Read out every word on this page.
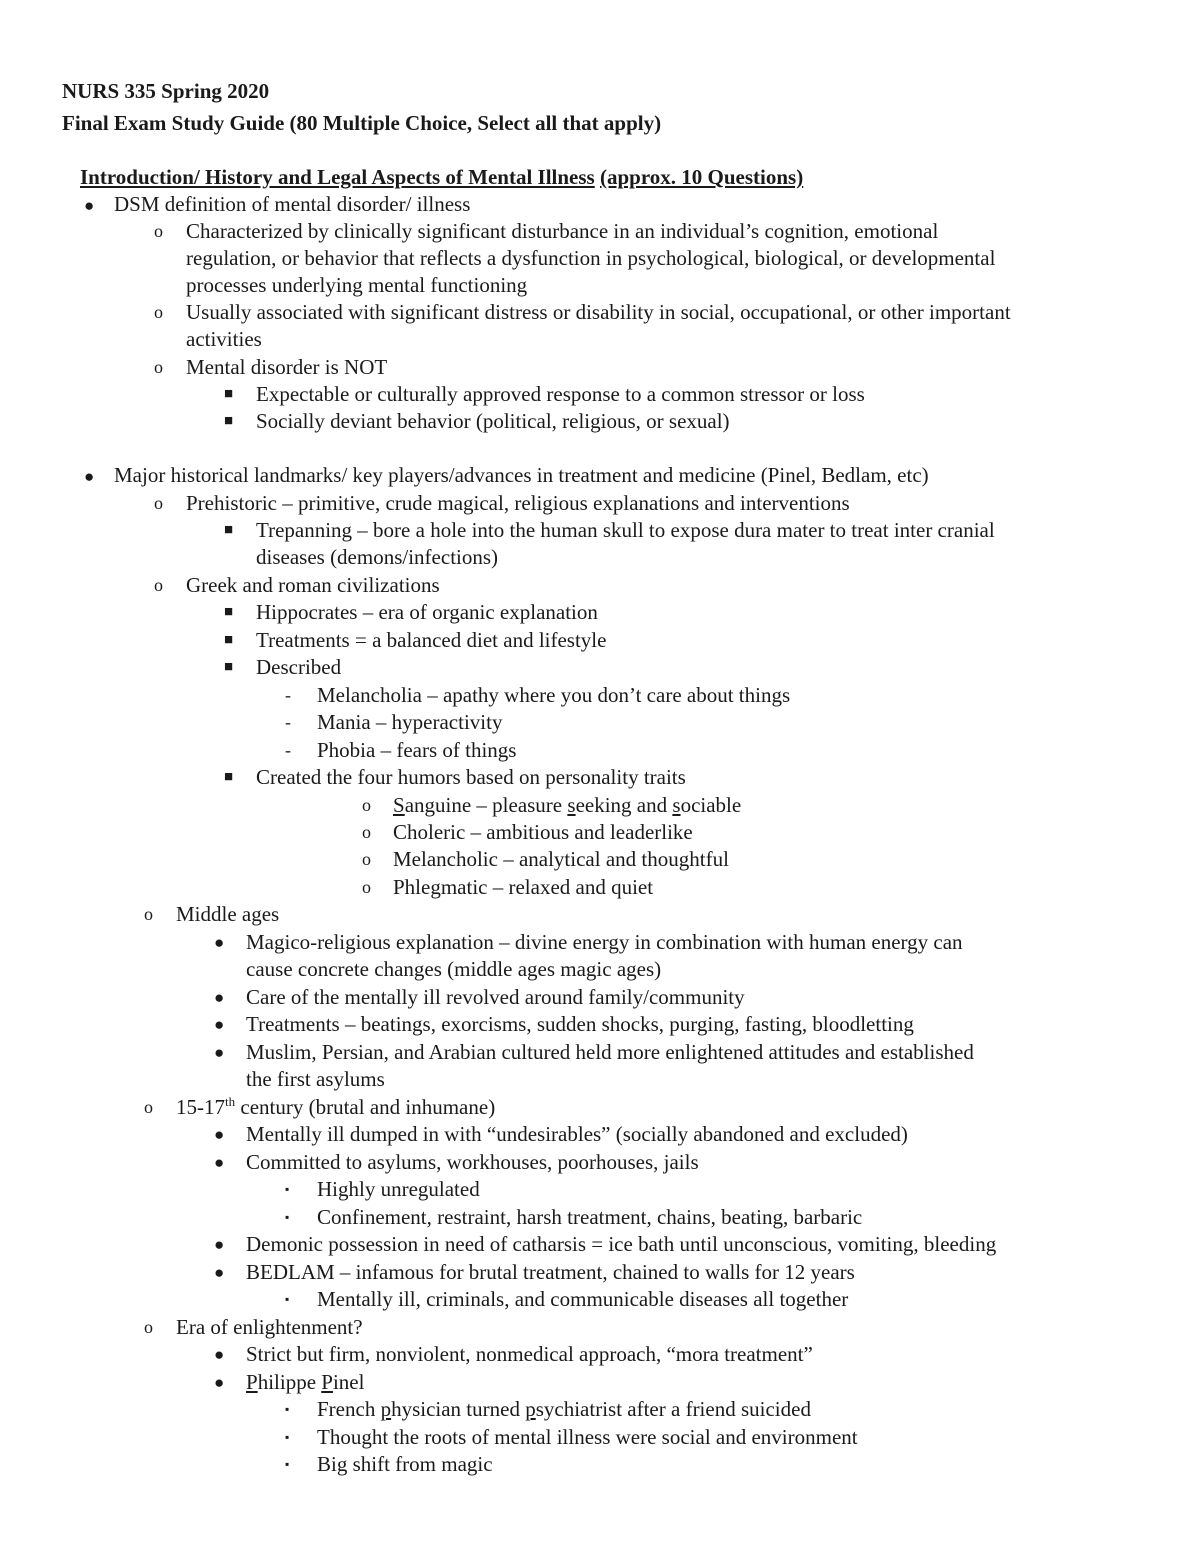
NURS 335 Spring 2020
Final Exam Study Guide (80 Multiple Choice, Select all that apply)
Introduction/ History and Legal Aspects of Mental Illness (approx. 10 Questions)
● DSM definition of mental disorder/ illness
o Characterized by clinically significant disturbance in an individual’s cognition, emotional
regulation, or behavior that reflects a dysfunction in psychological, biological, or developmental
processes underlying mental functioning
o Usually associated with significant distress or disability in social, occupational, or other important
activities
o Mental disorder is NOT
■ Expectable or culturally approved response to a common stressor or loss
■ Socially deviant behavior (political, religious, or sexual)
● Major historical landmarks/ key players/advances in treatment and medicine (Pinel, Bedlam, etc)
o Prehistoric – primitive, crude magical, religious explanations and interventions
■ Trepanning – bore a hole into the human skull to expose dura mater to treat inter cranial
diseases (demons/infections)
o Greek and roman civilizations
■ Hippocrates – era of organic explanation
■ Treatments = a balanced diet and lifestyle
■ Described
- Melancholia – apathy where you don’t care about things
- Mania – hyperactivity
- Phobia – fears of things
■ Created the four humors based on personality traits
o Sanguine – pleasure seeking and sociable
o Choleric – ambitious and leaderlike
o Melancholic – analytical and thoughtful
o Phlegmatic – relaxed and quiet
o Middle ages
● Magico-religious explanation – divine energy in combination with human energy can
cause concrete changes (middle ages magic ages)
● Care of the mentally ill revolved around family/community
● Treatments – beatings, exorcisms, sudden shocks, purging, fasting, bloodletting
● Muslim, Persian, and Arabian cultured held more enlightened attitudes and established
the first asylums
o 15-17th century (brutal and inhumane)
● Mentally ill dumped in with “undesirables” (socially abandoned and excluded)
● Committed to asylums, workhouses, poorhouses, jails
▪ Highly unregulated
▪ Confinement, restraint, harsh treatment, chains, beating, barbaric
● Demonic possession in need of catharsis = ice bath until unconscious, vomiting, bleeding
● BEDLAM – infamous for brutal treatment, chained to walls for 12 years
▪ Mentally ill, criminals, and communicable diseases all together
o Era of enlightenment?
● Strict but firm, nonviolent, nonmedical approach, “mora treatment”
● Philippe Pinel
▪ French physician turned psychiatrist after a friend suicided
▪ Thought the roots of mental illness were social and environment
▪ Big shift from magic
